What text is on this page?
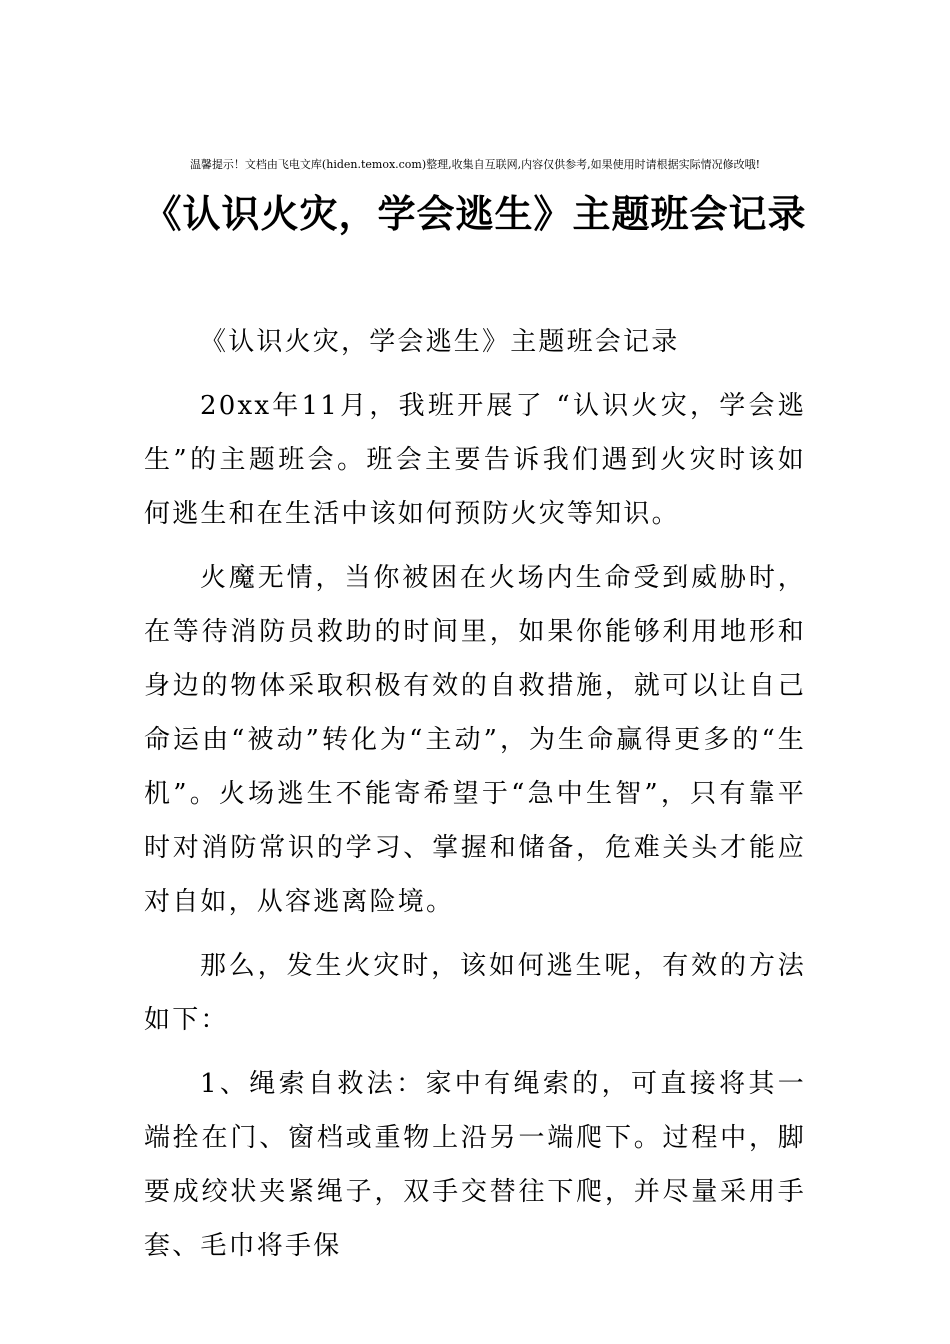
温馨提示！文档由飞电文库(hiden.temox.com)整理,收集自互联网,内容仅供参考,如果使用时请根据实际情况修改哦!
《认识火灾，学会逃生》主题班会记录

《认识火灾，学会逃生》主题班会记录

20xx年11月，我班开展了 “认识火灾，学会逃生”的主题班会。班会主要告诉我们遇到火灾时该如何逃生和在生活中该如何预防火灾等知识。

火魔无情，当你被困在火场内生命受到威胁时，在等待消防员救助的时间里，如果你能够利用地形和身边的物体采取积极有效的自救措施，就可以让自己命运由“被动”转化为“主动”，为生命赢得更多的“生机”。火场逃生不能寄希望于“急中生智”，只有靠平时对消防常识的学习、掌握和储备，危难关头才能应对自如，从容逃离险境。

那么，发生火灾时，该如何逃生呢，有效的方法如下：

1、绳索自救法：家中有绳索的，可直接将其一端拴在门、窗档或重物上沿另一端爬下。过程中，脚要成绞状夹紧绳子，双手交替往下爬，并尽量采用手套、毛巾将手保
